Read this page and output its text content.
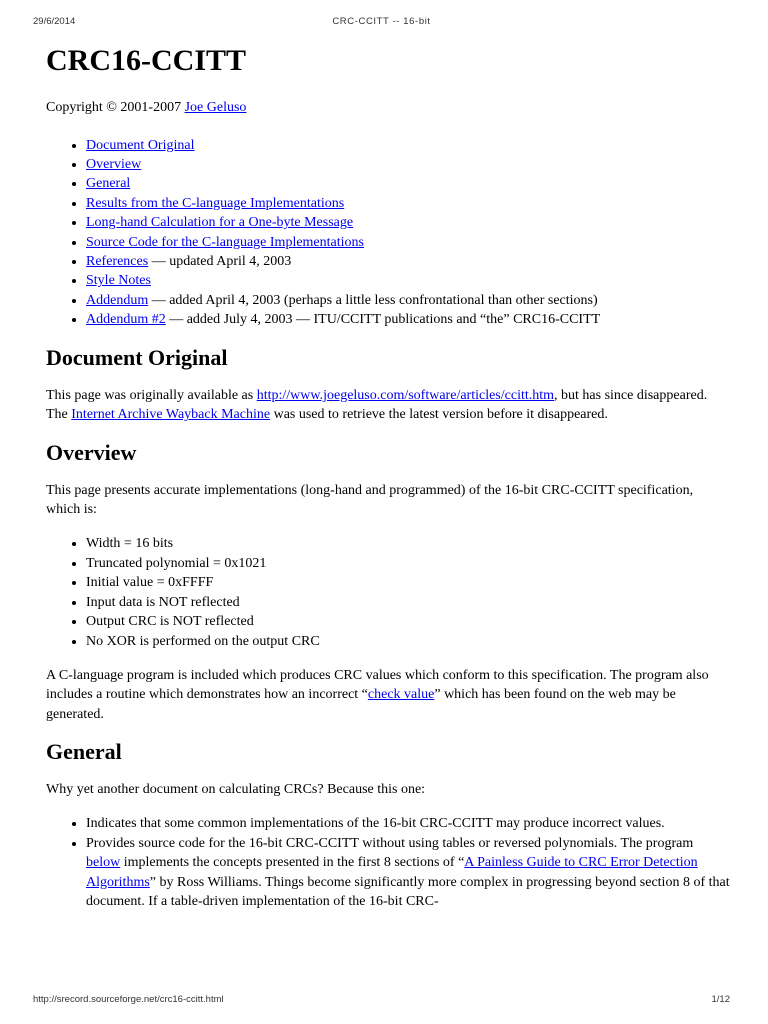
29/6/2014	CRC-CCITT -- 16-bit
CRC16-CCITT

Copyright © 2001-2007 Joe Geluso

• Document Original
• Overview
• General
• Results from the C-language Implementations
• Long-hand Calculation for a One-byte Message
• Source Code for the C-language Implementations
• References — updated April 4, 2003
• Style Notes
• Addendum — added April 4, 2003 (perhaps a little less confrontational than other sections)
• Addendum #2 — added July 4, 2003 — ITU/CCITT publications and “the” CRC16-CCITT
Document Original

This page was originally available as http://www.joegeluso.com/software/articles/ccitt.htm, but has since disappeared. The Internet Archive Wayback Machine was used to retrieve the latest version before it disappeared.

Overview

This page presents accurate implementations (long-hand and programmed) of the 16-bit CRC-CCITT specification, which is:

• Width = 16 bits
• Truncated polynomial = 0x1021
• Initial value = 0xFFFF
• Input data is NOT reflected
• Output CRC is NOT reflected
• No XOR is performed on the output CRC

A C-language program is included which produces CRC values which conform to this specification. The program also includes a routine which demonstrates how an incorrect “check value” which has been found on the web may be generated.

General

Why yet another document on calculating CRCs? Because this one:

• Indicates that some common implementations of the 16-bit CRC-CCITT may produce incorrect values.
• Provides source code for the 16-bit CRC-CCITT without using tables or reversed polynomials. The program below implements the concepts presented in the first 8 sections of “A Painless Guide to CRC Error Detection Algorithms” by Ross Williams. Things become significantly more complex in progressing beyond section 8 of that document. If a table-driven implementation of the 16-bit CRC-
http://srecord.sourceforge.net/crc16-ccitt.html	1/12
